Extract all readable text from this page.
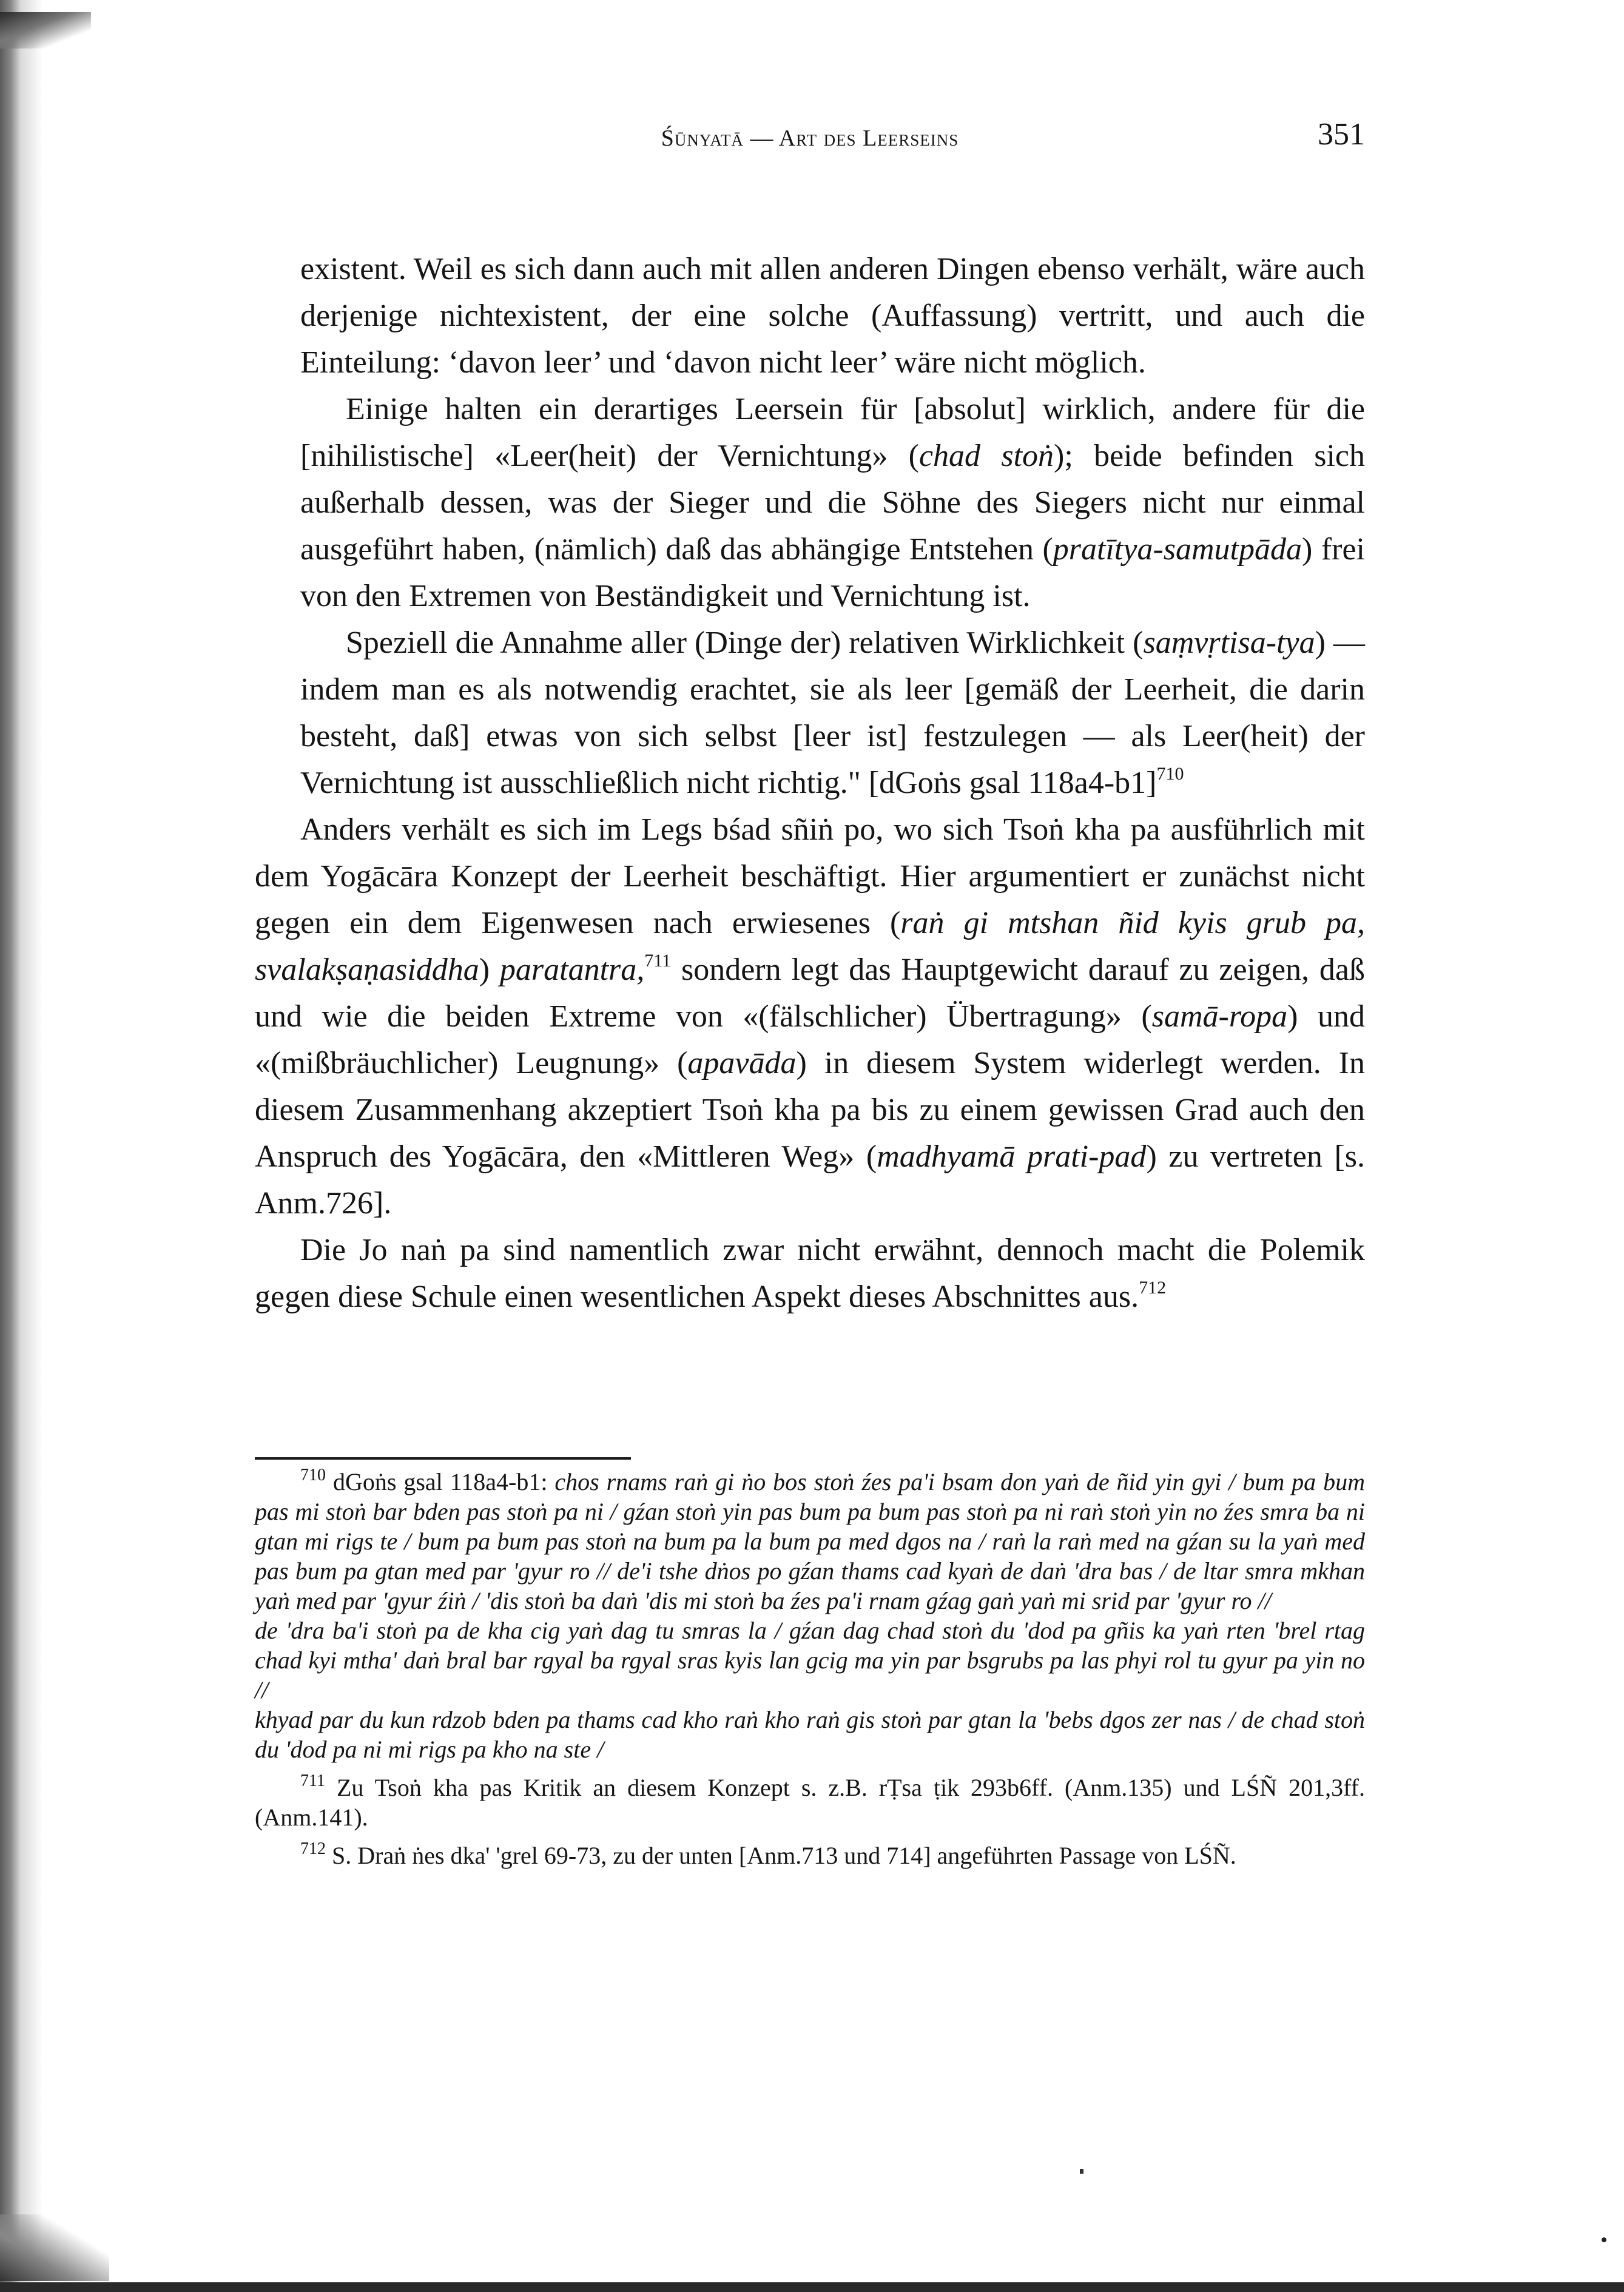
Śūnyatā — Art des Leerseins	351

existent. Weil es sich dann auch mit allen anderen Dingen ebenso verhält, wäre auch derjenige nichtexistent, der eine solche (Auffassung) vertritt, und auch die Einteilung: ‘davon leer’ und ‘davon nicht leer’ wäre nicht möglich.

Einige halten ein derartiges Leersein für [absolut] wirklich, andere für die [nihilistische] «Leer(heit) der Vernichtung» (chad stoṅ); beide befinden sich außerhalb dessen, was der Sieger und die Söhne des Siegers nicht nur einmal ausgeführt haben, (nämlich) daß das abhängige Entstehen (pratītya-samutpāda) frei von den Extremen von Beständigkeit und Vernichtung ist.

Speziell die Annahme aller (Dinge der) relativen Wirklichkeit (saṃvṛtisa-tya) — indem man es als notwendig erachtet, sie als leer [gemäß der Leerheit, die darin besteht, daß] etwas von sich selbst [leer ist] festzulegen — als Leer(heit) der Vernichtung ist ausschließlich nicht richtig." [dGoṅs gsal 118a4-b1]$^{710}$

Anders verhält es sich im Legs bśad sñiṅ po, wo sich Tsoṅ kha pa ausführlich mit dem Yogācāra Konzept der Leerheit beschäftigt. Hier argumentiert er zunächst nicht gegen ein dem Eigenwesen nach erwiesenes (raṅ gi mtshan ñid kyis grub pa, svalakṣaṇasiddha) paratantra,$^{711}$ sondern legt das Hauptgewicht darauf zu zeigen, daß und wie die beiden Extreme von «(fälschlicher) Übertragung» (samā-ropa) und «(mißbräuchlicher) Leugnung» (apavāda) in diesem System widerlegt werden. In diesem Zusammenhang akzeptiert Tsoṅ kha pa bis zu einem gewissen Grad auch den Anspruch des Yogācāra, den «Mittleren Weg» (madhyamā prati-pad) zu vertreten [s. Anm.726].

Die Jo naṅ pa sind namentlich zwar nicht erwähnt, dennoch macht die Polemik gegen diese Schule einen wesentlichen Aspekt dieses Abschnittes aus.$^{712}$

$^{710}$ dGoṅs gsal 118a4-b1: chos rnams raṅ gi ṅo bos stoṅ źes pa'i bsam don yaṅ de ñid yin gyi / bum pa bum pas mi stoṅ bar bden pas stoṅ pa ni / gźan stoṅ yin pas bum pa bum pas stoṅ pa ni raṅ stoṅ yin no źes smra ba ni gtan mi rigs te / bum pa bum pas stoṅ na bum pa la bum pa med dgos na / raṅ la raṅ med na gźan su la yaṅ med pas bum pa gtan med par 'gyur ro // de'i tshe dṅos po gźan thams cad kyaṅ de daṅ 'dra bas / de ltar smra mkhan yaṅ med par 'gyur źiṅ / 'dis stoṅ ba daṅ 'dis mi stoṅ ba źes pa'i rnam gźag gaṅ yaṅ mi srid par 'gyur ro //
de 'dra ba'i stoṅ pa de kha cig yaṅ dag tu smras la / gźan dag chad stoṅ du 'dod pa gñis ka yaṅ rten 'brel rtag chad kyi mtha' daṅ bral bar rgyal ba rgyal sras kyis lan gcig ma yin par bsgrubs pa las phyi rol tu gyur pa yin no //
khyad par du kun rdzob bden pa thams cad kho raṅ kho raṅ gis stoṅ par gtan la 'bebs dgos zer nas / de chad stoṅ du 'dod pa ni mi rigs pa kho na ste /

$^{711}$ Zu Tsoṅ kha pas Kritik an diesem Konzept s. z.B. rṬsa ṭik 293b6ff. (Anm.135) und LŚÑ 201,3ff. (Anm.141).

$^{712}$ S. Draṅ ṅes dka' 'grel 69-73, zu der unten [Anm.713 und 714] angeführten Passage von LŚÑ.
